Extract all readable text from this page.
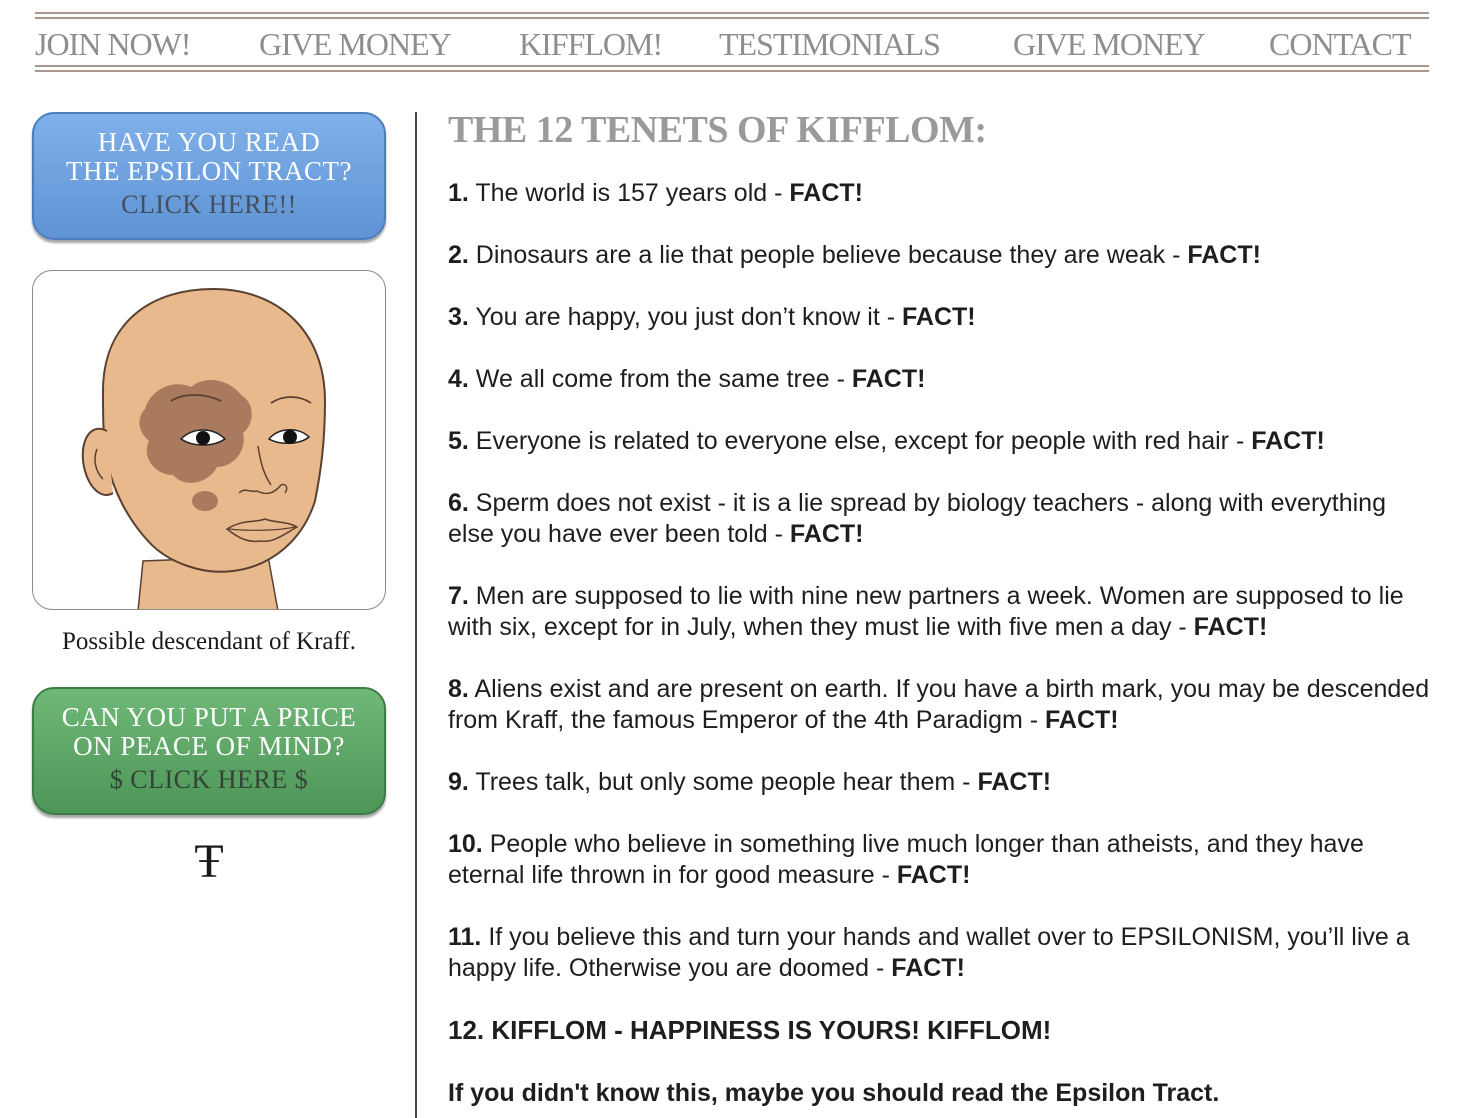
JOIN NOW! GIVE MONEY KIFFLOM! TESTIMONIALS GIVE MONEY CONTACT
HAVE YOU READ
THE EPSILON TRACT?
CLICK HERE!!
Possible descendant of Kraff.
CAN YOU PUT A PRICE
ON PEACE OF MIND?
$ CLICK HERE $
Ŧ
THE 12 TENETS OF KIFFLOM:
1. The world is 157 years old - FACT!
2. Dinosaurs are a lie that people believe because they are weak - FACT!
3. You are happy, you just don’t know it - FACT!
4. We all come from the same tree - FACT!
5. Everyone is related to everyone else, except for people with red hair - FACT!
6. Sperm does not exist - it is a lie spread by biology teachers - along with everything else you have ever been told - FACT!
7. Men are supposed to lie with nine new partners a week. Women are supposed to lie with six, except for in July, when they must lie with five men a day - FACT!
8. Aliens exist and are present on earth. If you have a birth mark, you may be descended from Kraff, the famous Emperor of the 4th Paradigm - FACT!
9. Trees talk, but only some people hear them - FACT!
10. People who believe in something live much longer than atheists, and they have eternal life thrown in for good measure - FACT!
11. If you believe this and turn your hands and wallet over to EPSILONISM, you’ll live a happy life. Otherwise you are doomed - FACT!
12. KIFFLOM - HAPPINESS IS YOURS! KIFFLOM!
If you didn't know this, maybe you should read the Epsilon Tract.
